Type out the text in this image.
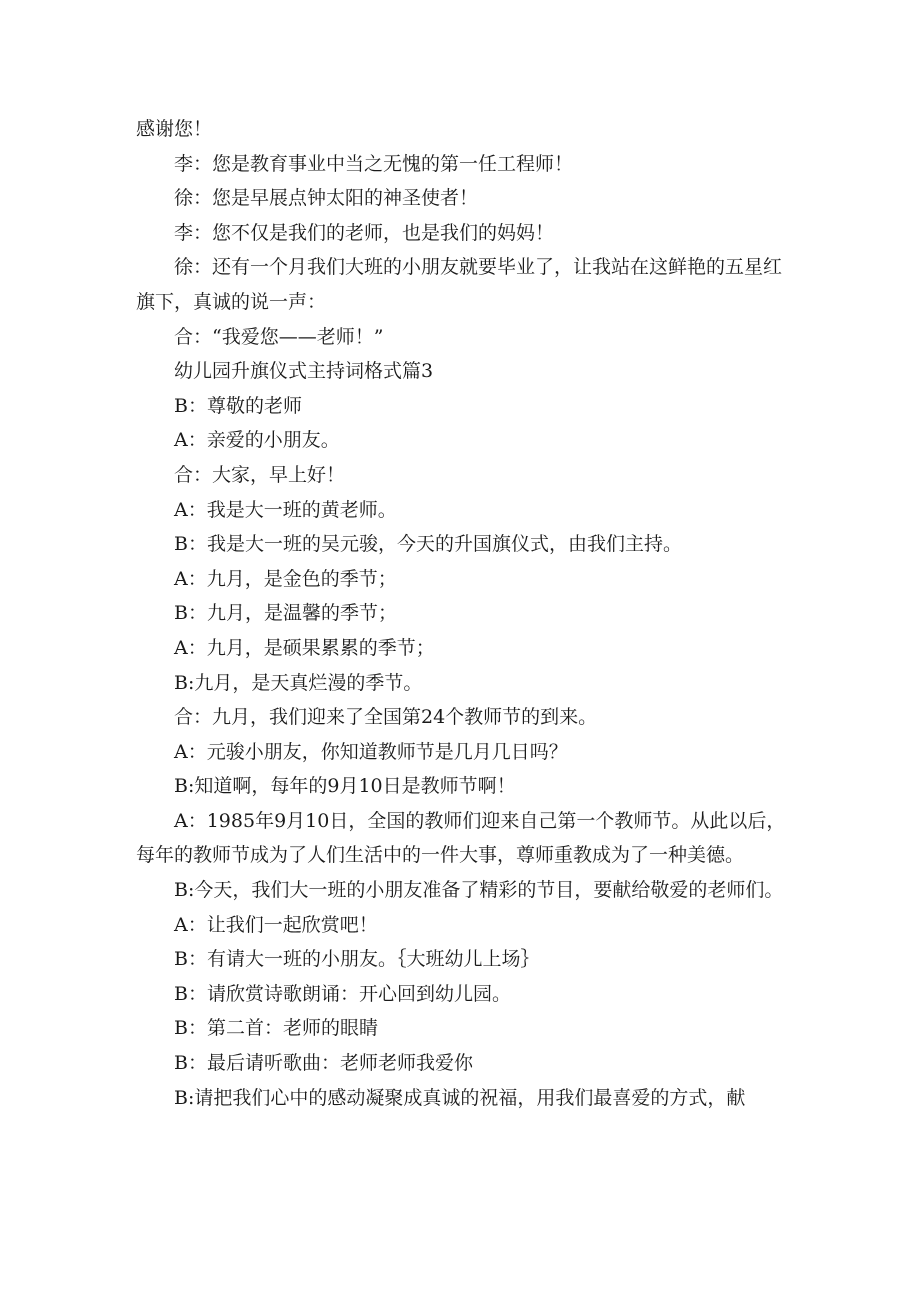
感谢您！

李：您是教育事业中当之无愧的第一任工程师！

徐：您是早展点钟太阳的神圣使者！

李：您不仅是我们的老师，也是我们的妈妈！

徐：还有一个月我们大班的小朋友就要毕业了，让我站在这鲜艳的五星红旗下，真诚的说一声：

合：“我爱您——老师！”

幼儿园升旗仪式主持词格式篇3

B：尊敬的老师

A：亲爱的小朋友。

合：大家，早上好！

A：我是大一班的黄老师。

B：我是大一班的吴元骏，今天的升国旗仪式，由我们主持。

A：九月，是金色的季节；

B：九月，是温馨的季节；

A：九月，是硕果累累的季节；

B:九月，是天真烂漫的季节。

合：九月，我们迎来了全国第24个教师节的到来。

A：元骏小朋友，你知道教师节是几月几日吗？

B:知道啊，每年的9月10日是教师节啊！

A：1985年9月10日，全国的教师们迎来自己第一个教师节。从此以后，每年的教师节成为了人们生活中的一件大事，尊师重教成为了一种美德。

B:今天，我们大一班的小朋友准备了精彩的节目，要献给敬爱的老师们。

A：让我们一起欣赏吧！

B：有请大一班的小朋友。｛大班幼儿上场｝

B：请欣赏诗歌朗诵：开心回到幼儿园。

B：第二首：老师的眼睛

B：最后请听歌曲：老师老师我爱你

B:请把我们心中的感动凝聚成真诚的祝福，用我们最喜爱的方式，献
